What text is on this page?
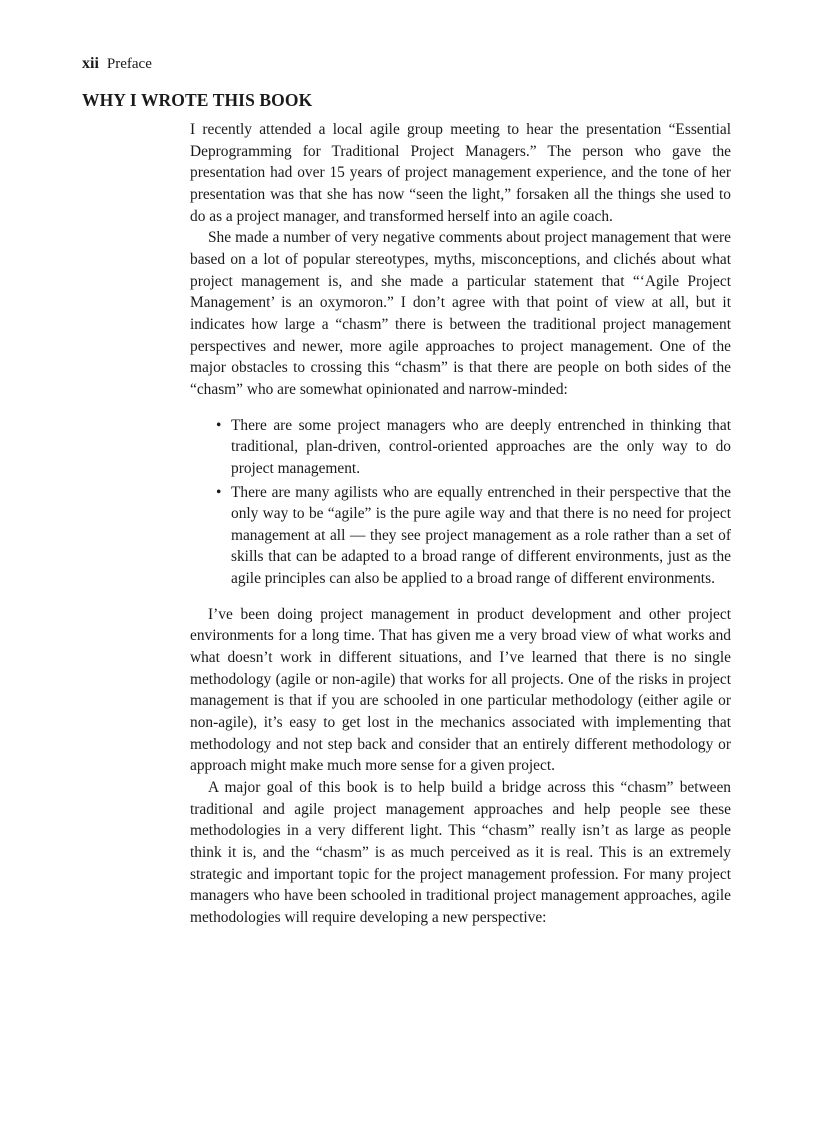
xii Preface
WHY I WROTE THIS BOOK

I recently attended a local agile group meeting to hear the presentation “Essential Deprogramming for Traditional Project Managers.” The person who gave the presentation had over 15 years of project management experience, and the tone of her presentation was that she has now “seen the light,” forsaken all the things she used to do as a project manager, and transformed herself into an agile coach.

She made a number of very negative comments about project management that were based on a lot of popular stereotypes, myths, misconceptions, and clichés about what project management is, and she made a particular statement that “‘Agile Project Management’ is an oxymoron.” I don’t agree with that point of view at all, but it indicates how large a “chasm” there is between the traditional project management perspectives and newer, more agile approaches to project management. One of the major obstacles to crossing this “chasm” is that there are people on both sides of the “chasm” who are somewhat opinionated and narrow-minded:

• There are some project managers who are deeply entrenched in thinking that traditional, plan-driven, control-oriented approaches are the only way to do project management.
• There are many agilists who are equally entrenched in their perspective that the only way to be “agile” is the pure agile way and that there is no need for project management at all — they see project management as a role rather than a set of skills that can be adapted to a broad range of different environments, just as the agile principles can also be applied to a broad range of different environments.

I’ve been doing project management in product development and other project environments for a long time. That has given me a very broad view of what works and what doesn’t work in different situations, and I’ve learned that there is no single methodology (agile or non-agile) that works for all projects. One of the risks in project management is that if you are schooled in one particular methodology (either agile or non-agile), it’s easy to get lost in the mechanics associated with implementing that methodology and not step back and consider that an entirely different methodology or approach might make much more sense for a given project.

A major goal of this book is to help build a bridge across this “chasm” between traditional and agile project management approaches and help people see these methodologies in a very different light. This “chasm” really isn’t as large as people think it is, and the “chasm” is as much perceived as it is real. This is an extremely strategic and important topic for the project management profession. For many project managers who have been schooled in traditional project management approaches, agile methodologies will require developing a new perspective:
